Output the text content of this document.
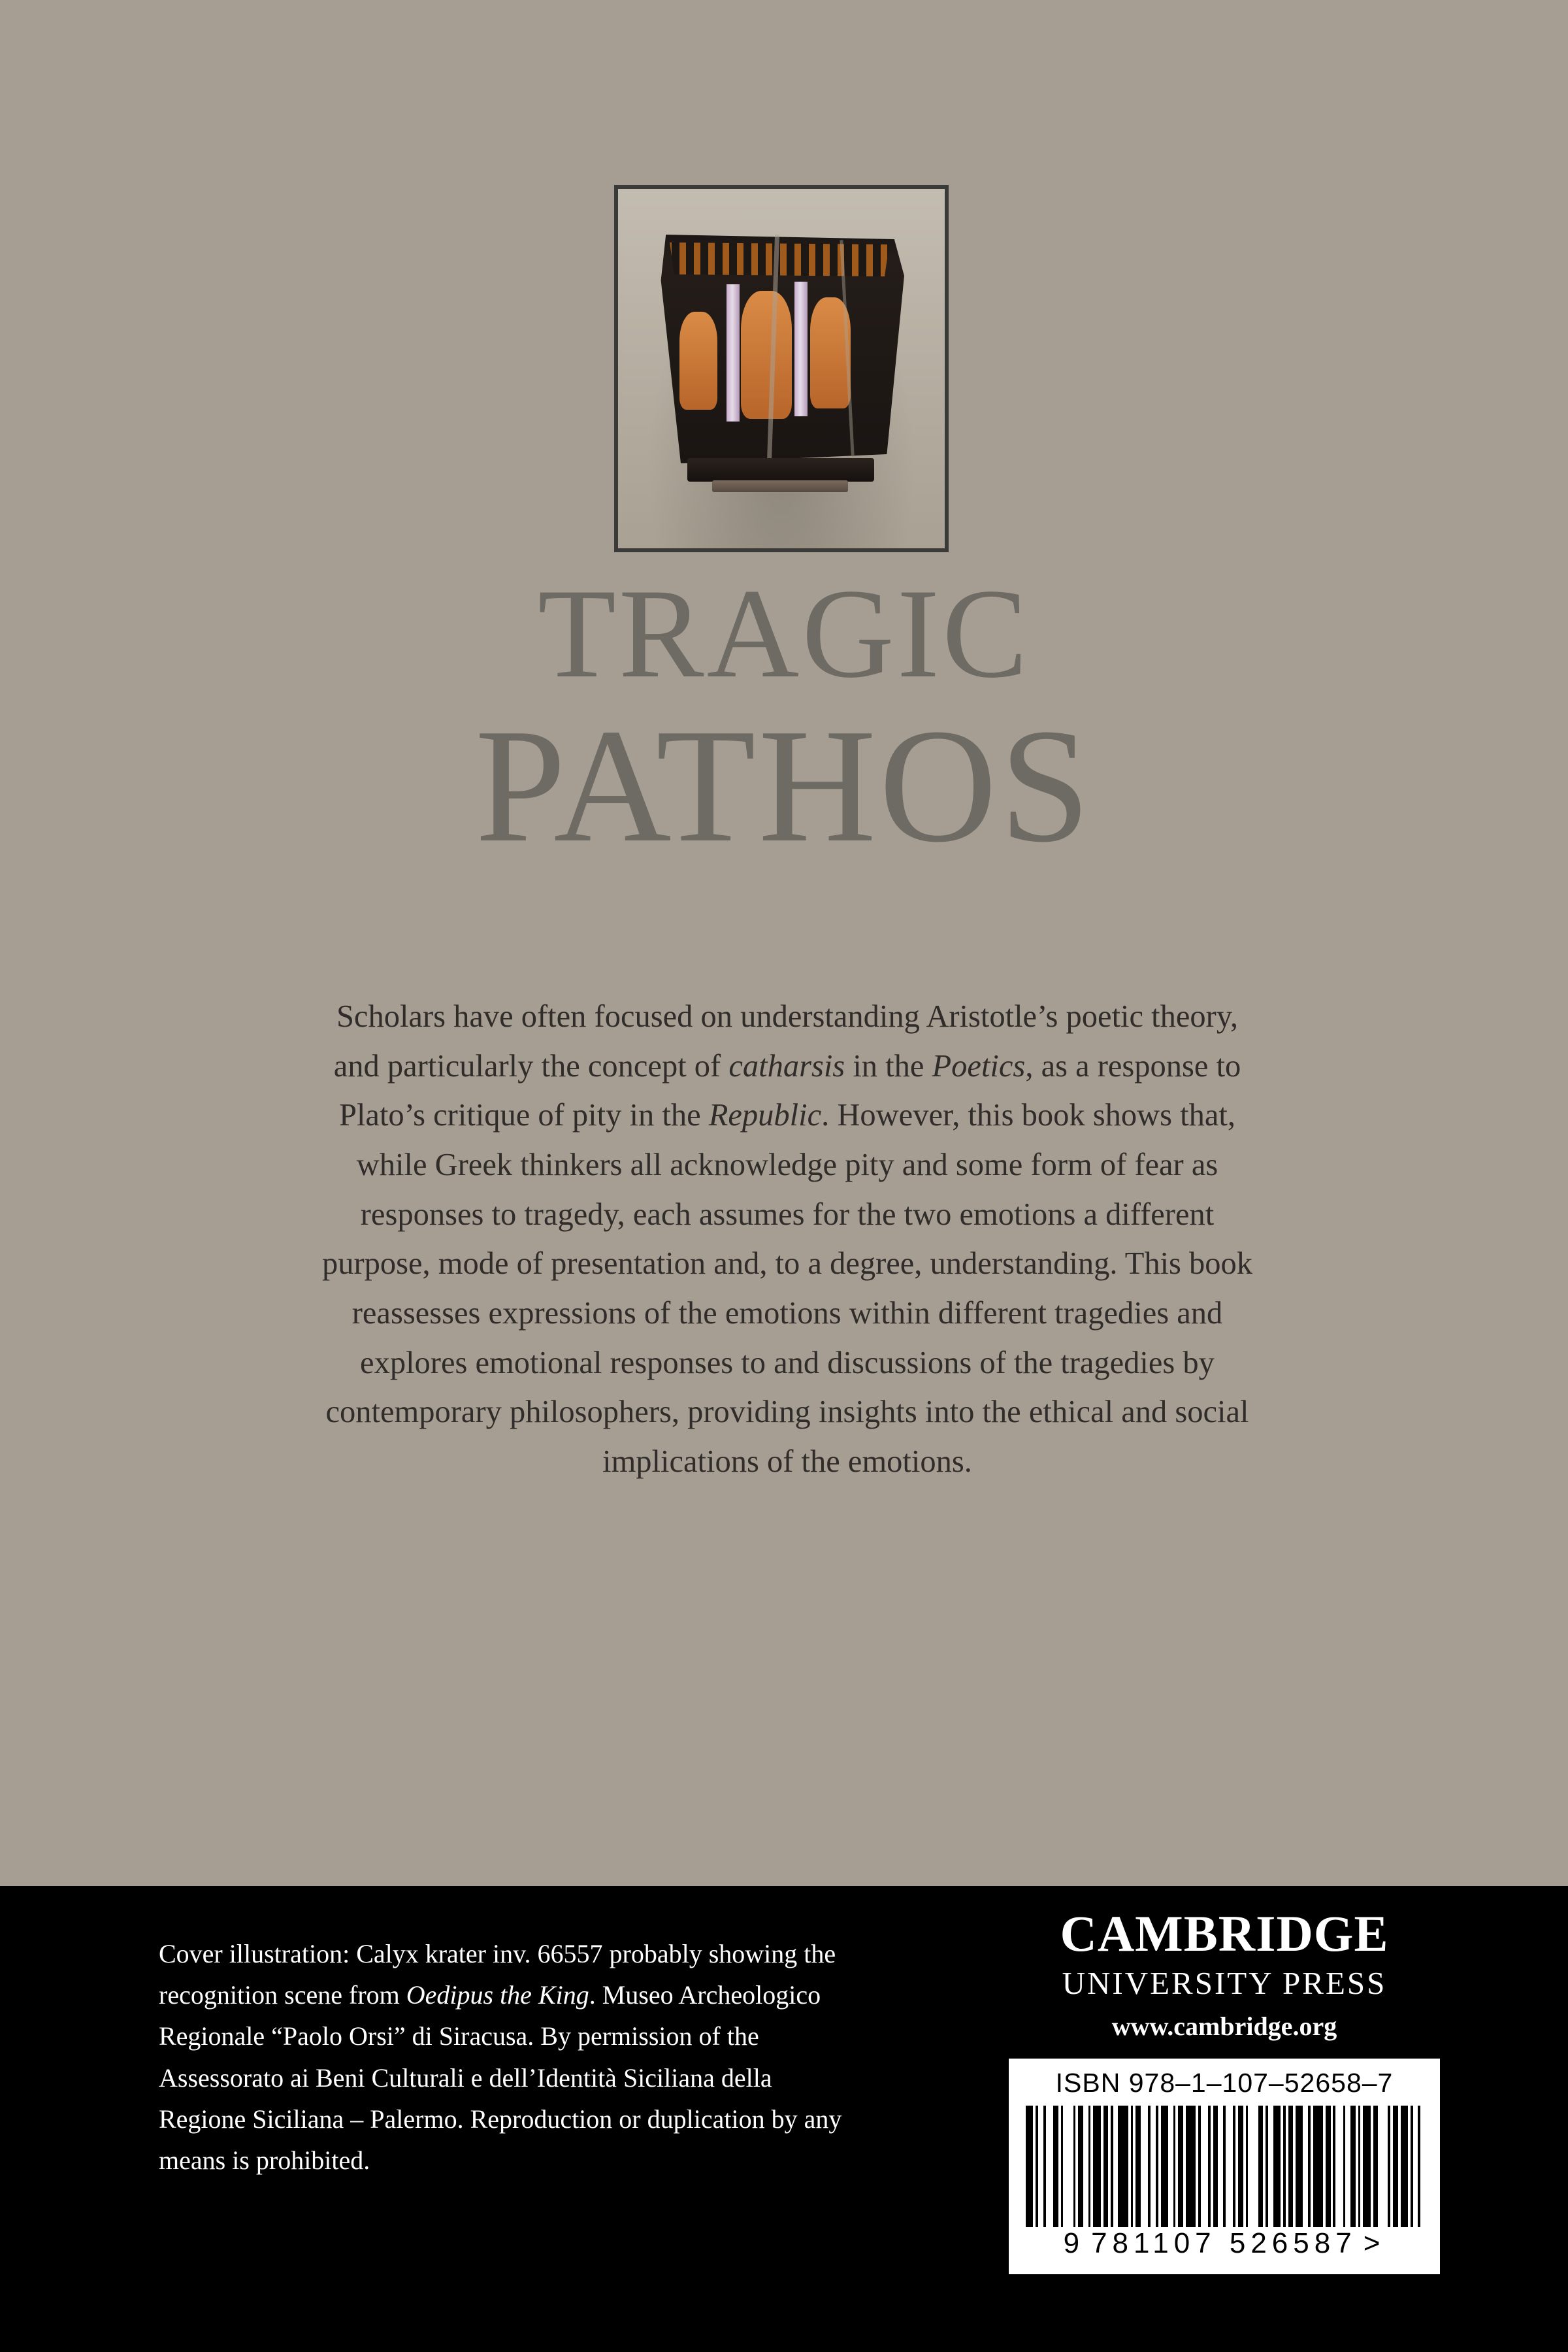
TRAGIC
PATHOS
Scholars have often focused on understanding Aristotle’s poetic theory, and particularly the concept of catharsis in the Poetics, as a response to Plato’s critique of pity in the Republic. However, this book shows that, while Greek thinkers all acknowledge pity and some form of fear as responses to tragedy, each assumes for the two emotions a different purpose, mode of presentation and, to a degree, understanding. This book reassesses expressions of the emotions within different tragedies and explores emotional responses to and discussions of the tragedies by contemporary philosophers, providing insights into the ethical and social implications of the emotions.
Cover illustration: Calyx krater inv. 66557 probably showing the recognition scene from Oedipus the King. Museo Archeologico Regionale “Paolo Orsi” di Siracusa. By permission of the Assessorato ai Beni Culturali e dell’Identità Siciliana della Regione Siciliana – Palermo. Reproduction or duplication by any means is prohibited.
CAMBRIDGE
UNIVERSITY PRESS
www.cambridge.org
ISBN 978–1–107–52658–7
9 781107 526587 >
